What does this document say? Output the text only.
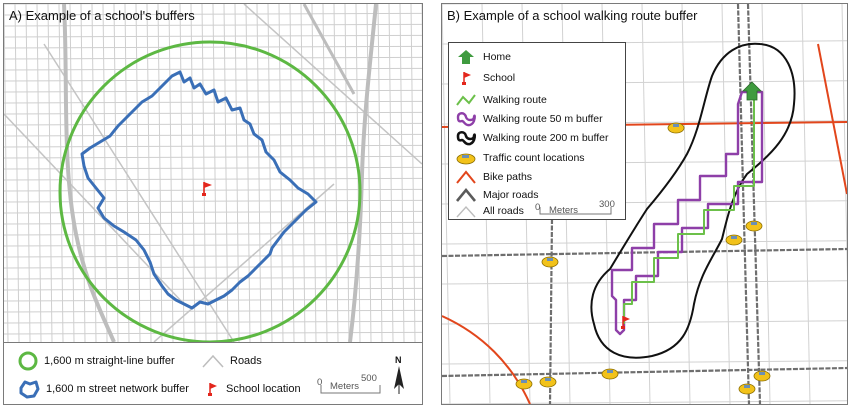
A) Example of a school's buffers
1,600 m straight-line buffer
1,600 m street network buffer
Roads
School location
0 Meters
500
N
B) Example of a school walking route buffer
Home
School
Walking route
Walking route 50 m buffer
Walking route 200 m buffer
Traffic count locations
Bike paths
Major roads
All roads 0 Meters
300
